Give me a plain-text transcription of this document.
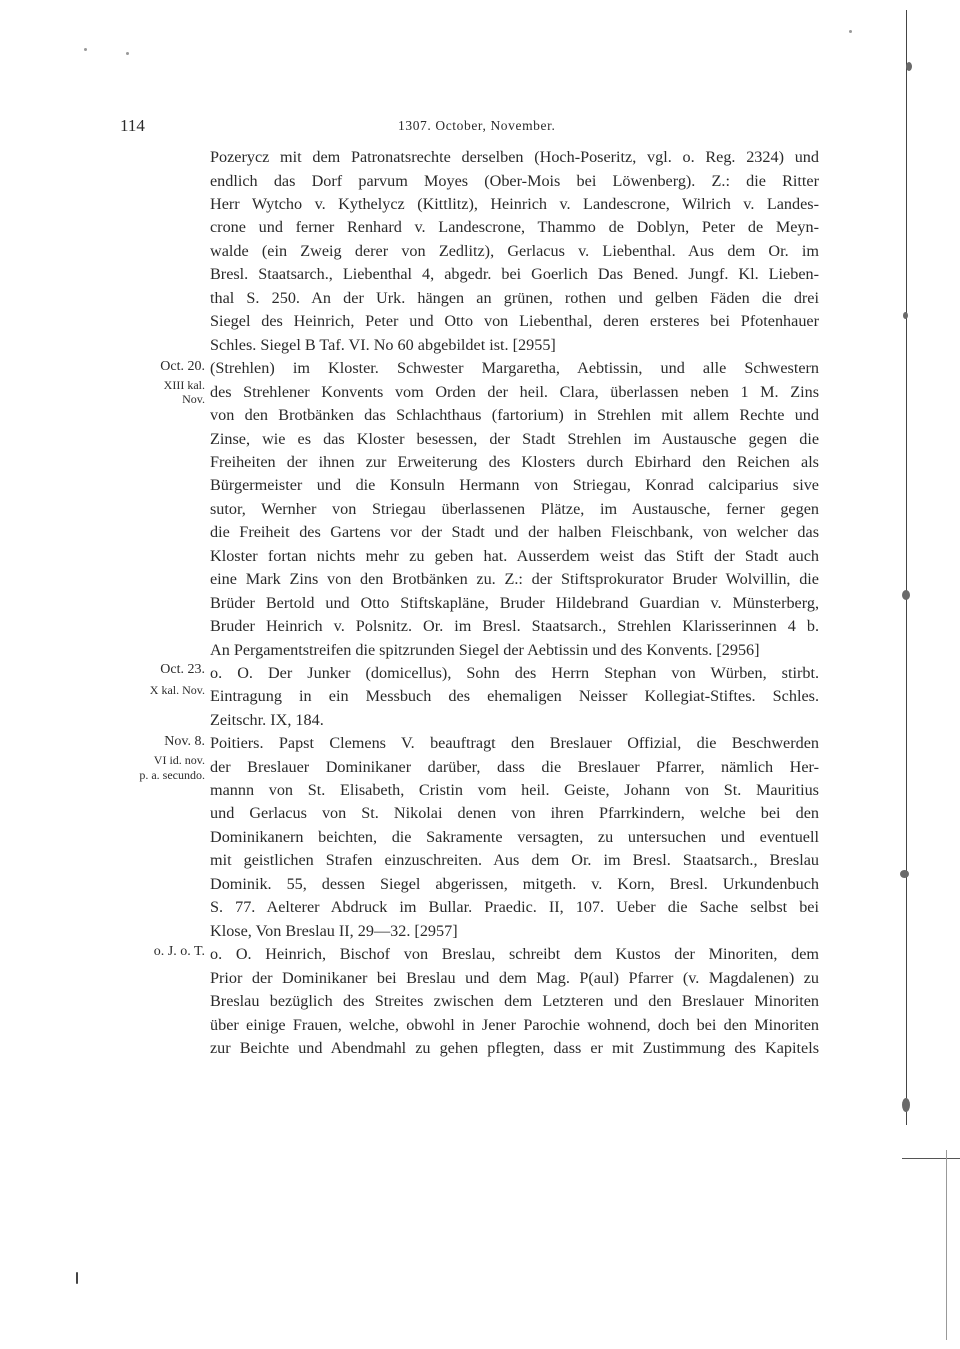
114	1307. October, November.
Pozerycz mit dem Patronatsrechte derselben (Hoch-Poseritz, vgl. o. Reg. 2324) und
endlich das Dorf parvum Moyes (Ober-Mois bei Löwenberg). Z.: die Ritter
Herr Wytcho v. Kythelycz (Kittlitz), Heinrich v. Landescrone, Wilrich v. Landes-
crone und ferner Renhard v. Landescrone, Thammo de Doblyn, Peter de Meyn-
walde (ein Zweig derer von Zedlitz), Gerlacus v. Liebenthal. Aus dem Or. im
Bresl. Staatsarch., Liebenthal 4, abgedr. bei Goerlich Das Bened. Jungf. Kl. Lieben-
thal S. 250. An der Urk. hängen an grünen, rothen und gelben Fäden die drei
Siegel des Heinrich, Peter und Otto von Liebenthal, deren ersteres bei Pfotenhauer
Schles. Siegel B Taf. VI. No 60 abgebildet ist. [2955]
(Strehlen) im Kloster. Schwester Margaretha, Aebtissin, und alle Schwestern
des Strehlener Konvents vom Orden der heil. Clara, überlassen neben 1 M. Zins
von den Brotbänken das Schlachthaus (fartorium) in Strehlen mit allem Rechte und
Zinse, wie es das Kloster besessen, der Stadt Strehlen im Austausche gegen die
Freiheiten der ihnen zur Erweiterung des Klosters durch Ebirhard den Reichen als
Bürgermeister und die Konsuln Hermann von Striegau, Konrad calciparius sive
sutor, Wernher von Striegau überlassenen Plätze, im Austausche, ferner gegen
die Freiheit des Gartens vor der Stadt und der halben Fleischbank, von welcher das
Kloster fortan nichts mehr zu geben hat. Ausserdem weist das Stift der Stadt auch
eine Mark Zins von den Brotbänken zu. Z.: der Stiftsprokurator Bruder Wolvillin, die
Brüder Bertold und Otto Stiftskapläne, Bruder Hildebrand Guardian v. Münsterberg,
Bruder Heinrich v. Polsnitz. Or. im Bresl. Staatsarch., Strehlen Klarisserinnen 4 b.
An Pergamentstreifen die spitzrunden Siegel der Aebtissin und des Konvents. [2956]
o. O. Der Junker (domicellus), Sohn des Herrn Stephan von Würben, stirbt.
Eintragung in ein Messbuch des ehemaligen Neisser Kollegiat-Stiftes. Schles.
Zeitschr. IX, 184.
Poitiers. Papst Clemens V. beauftragt den Breslauer Offizial, die Beschwerden
der Breslauer Dominikaner darüber, dass die Breslauer Pfarrer, nämlich Her-
mannn von St. Elisabeth, Cristin vom heil. Geiste, Johann von St. Mauritius
und Gerlacus von St. Nikolai denen von ihren Pfarrkindern, welche bei den
Dominikanern beichten, die Sakramente versagten, zu untersuchen und eventuell
mit geistlichen Strafen einzuschreiten. Aus dem Or. im Bresl. Staatsarch., Breslau
Dominik. 55, dessen Siegel abgerissen, mitgeth. v. Korn, Bresl. Urkundenbuch
S. 77. Aelterer Abdruck im Bullar. Praedic. II, 107. Ueber die Sache selbst bei
Klose, Von Breslau II, 29—32. [2957]
o. O. Heinrich, Bischof von Breslau, schreibt dem Kustos der Minoriten, dem
Prior der Dominikaner bei Breslau und dem Mag. P(aul) Pfarrer (v. Magdalenen) zu
Breslau bezüglich des Streites zwischen dem Letzteren und den Breslauer Minoriten
über einige Frauen, welche, obwohl in Jener Parochie wohnend, doch bei den Minoriten
zur Beichte und Abendmahl zu gehen pflegten, dass er mit Zustimmung des Kapitels
Oct. 20.
XIII kal.
Nov.
Oct. 23.
X kal. Nov.
Nov. 8.
VI id. nov.
p. a. secundo.
o. J. o. T.
